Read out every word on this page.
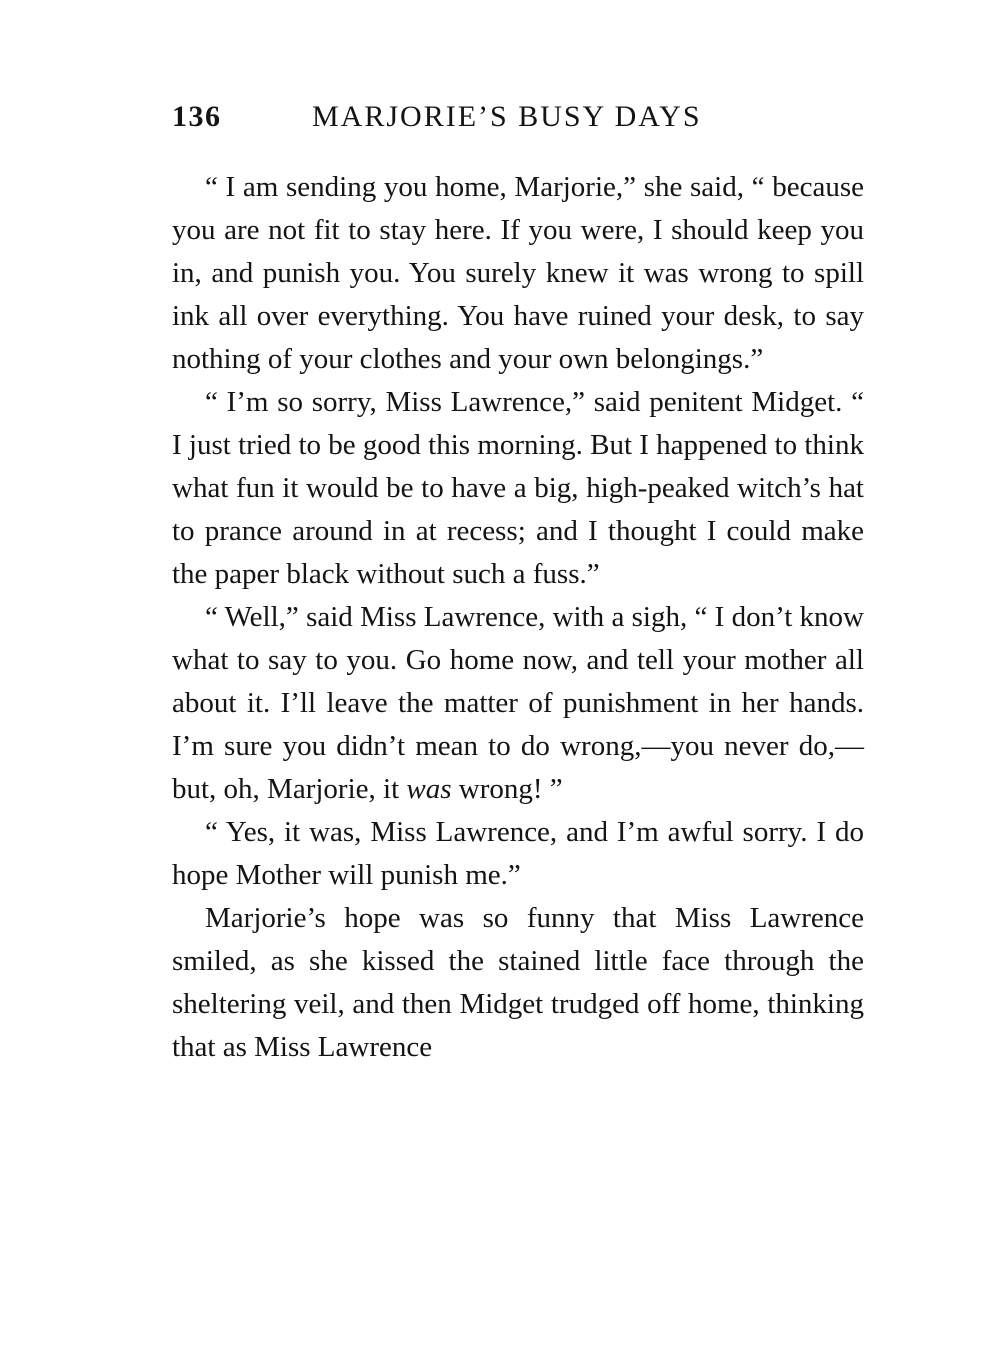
136	MARJORIE’S BUSY DAYS

“ I am sending you home, Marjorie,” she said, “ because you are not fit to stay here. If you were, I should keep you in, and punish you. You surely knew it was wrong to spill ink all over everything. You have ruined your desk, to say nothing of your clothes and your own belongings.”

“ I’m so sorry, Miss Lawrence,” said penitent Midget. “ I just tried to be good this morning. But I happened to think what fun it would be to have a big, high-peaked witch’s hat to prance around in at recess; and I thought I could make the paper black without such a fuss.”

“ Well,” said Miss Lawrence, with a sigh, “ I don’t know what to say to you. Go home now, and tell your mother all about it. I’ll leave the matter of punishment in her hands. I’m sure you didn’t mean to do wrong,—you never do,— but, oh, Marjorie, it was wrong! ”

“ Yes, it was, Miss Lawrence, and I’m awful sorry. I do hope Mother will punish me.”

Marjorie’s hope was so funny that Miss Lawrence smiled, as she kissed the stained little face through the sheltering veil, and then Midget trudged off home, thinking that as Miss Lawrence
